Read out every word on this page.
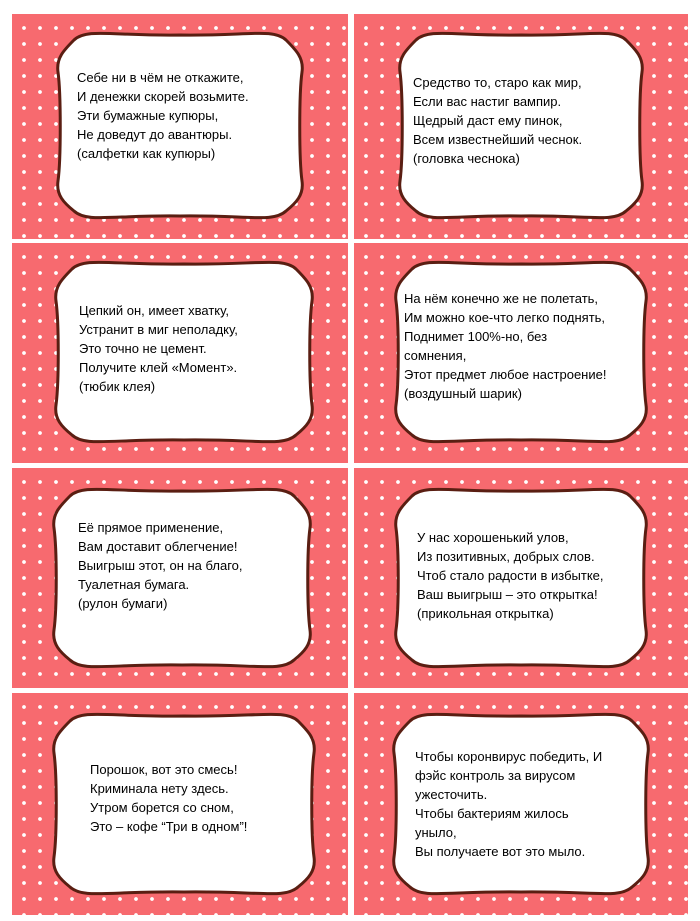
Себе ни в чём не откажите,
И денежки скорей возьмите.
Эти бумажные купюры,
Не доведут до авантюры.
(салфетки как купюры)
Средство то, старо как мир,
Если вас настиг вампир.
Щедрый даст ему пинок,
Всем известнейший чеснок.
(головка чеснока)
Цепкий он, имеет хватку,
Устранит в миг неполадку,
Это точно не цемент.
Получите клей «Момент».
(тюбик клея)
На нём конечно же не полетать,
Им можно кое-что легко поднять,
Поднимет 100%-но, без
сомнения,
Этот предмет любое настроение!
(воздушный шарик)
Её прямое применение,
Вам доставит облегчение!
Выигрыш этот, он на благо,
Туалетная бумага.
(рулон бумаги)
У нас хорошенький улов,
Из позитивных, добрых слов.
Чтоб стало радости в избытке,
Ваш выигрыш – это открытка!
(прикольная открытка)
Порошок, вот это смесь!
Криминала нету здесь.
Утром борется со сном,
Это – кофе “Три в одном”!
Чтобы коронвирус победить, И
фэйс контроль за вирусом
ужесточить.
Чтобы бактериям жилось
уныло,
Вы получаете вот это мыло.
